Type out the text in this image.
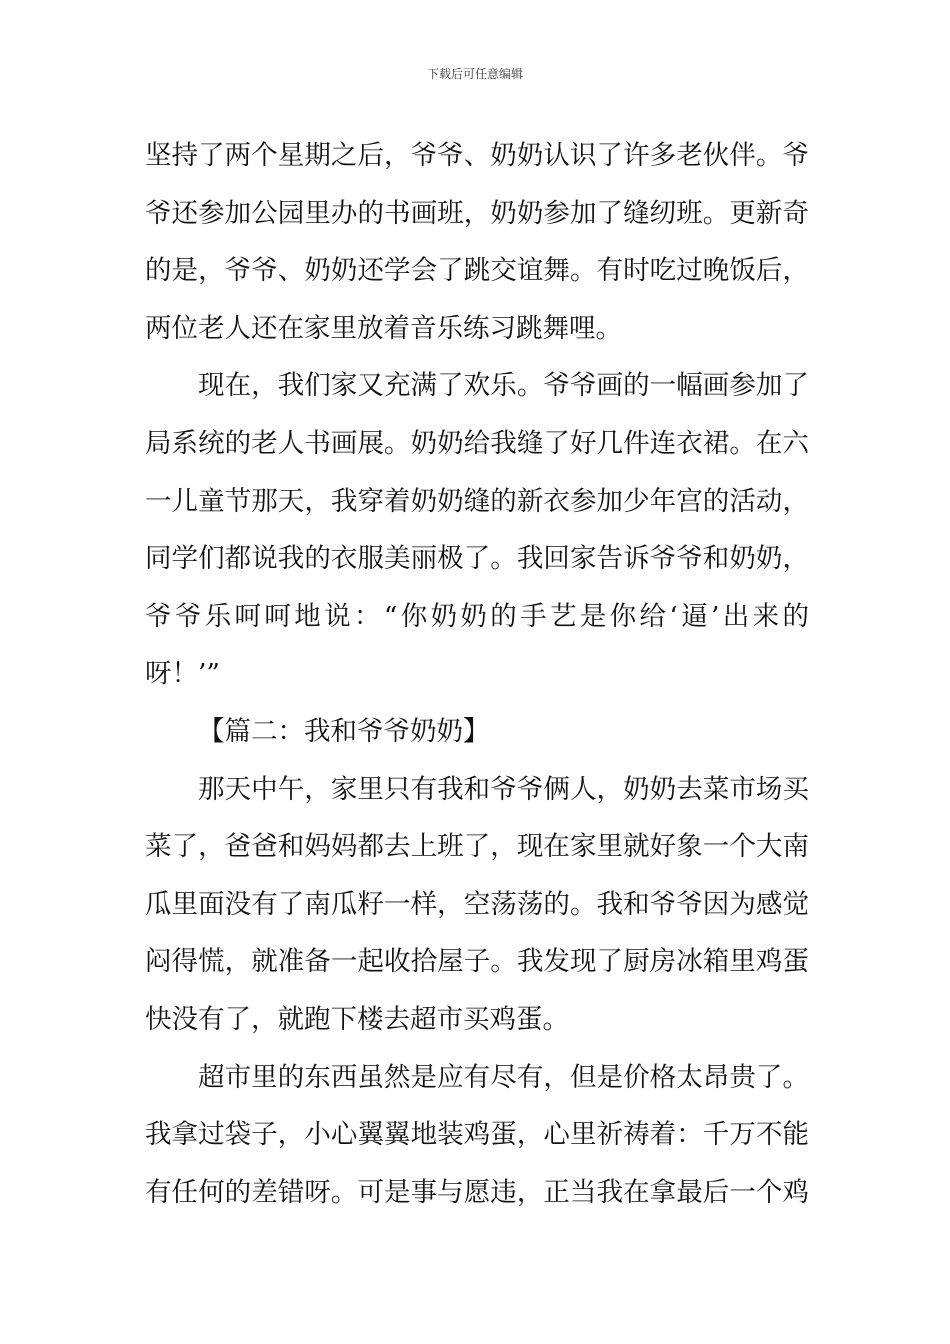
下载后可任意编辑
坚持了两个星期之后，爷爷、奶奶认识了许多老伙伴。爷
爷还参加公园里办的书画班，奶奶参加了缝纫班。更新奇
的是，爷爷、奶奶还学会了跳交谊舞。有时吃过晚饭后，
两位老人还在家里放着音乐练习跳舞哩。
现在，我们家又充满了欢乐。爷爷画的一幅画参加了
局系统的老人书画展。奶奶给我缝了好几件连衣裙。在六
一儿童节那天，我穿着奶奶缝的新衣参加少年宫的活动，
同学们都说我的衣服美丽极了。我回家告诉爷爷和奶奶，
爷爷乐呵呵地说：“你奶奶的手艺是你给‘逼’出来的
呀！’”
【篇二：我和爷爷奶奶】
那天中午，家里只有我和爷爷俩人，奶奶去菜市场买
菜了，爸爸和妈妈都去上班了，现在家里就好象一个大南
瓜里面没有了南瓜籽一样，空荡荡的。我和爷爷因为感觉
闷得慌，就准备一起收拾屋子。我发现了厨房冰箱里鸡蛋
快没有了，就跑下楼去超市买鸡蛋。
超市里的东西虽然是应有尽有，但是价格太昂贵了。
我拿过袋子，小心翼翼地装鸡蛋，心里祈祷着：千万不能
有任何的差错呀。可是事与愿违，正当我在拿最后一个鸡
